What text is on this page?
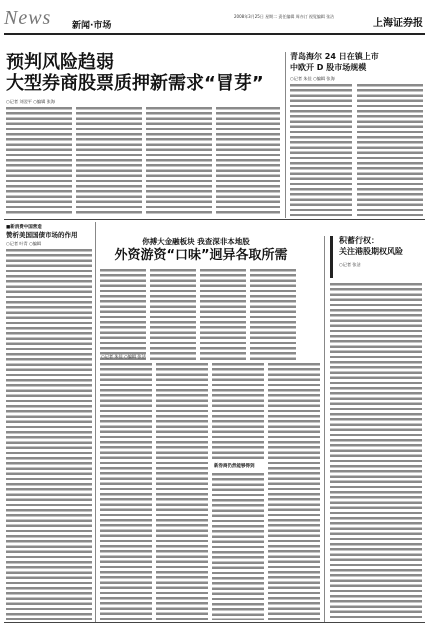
News 新闻·市场
2008年3月25日 星期二 责任编辑 周亦汀 视觉编辑 张洁
上海证券报
预判风险趋弱
大型券商股票质押新需求“冒芽”
○记者 刘翌平 ○编辑 张海
青岛海尔 24 日在镇上市
中欧开 D 股市场规模
○记者 朱佳 ○编辑 张海
■新消费中国营造
赞析美国国债市场的作用
○记者 叶青 ○编辑	你搏大金融板块 我查深非本地股
外资游资“口味”迥异各取所需
○记者 朱佳 ○编辑 张洁
新券商仍然能够得到
积蓄行权：
关注港股期权风险
○记者 张洁
